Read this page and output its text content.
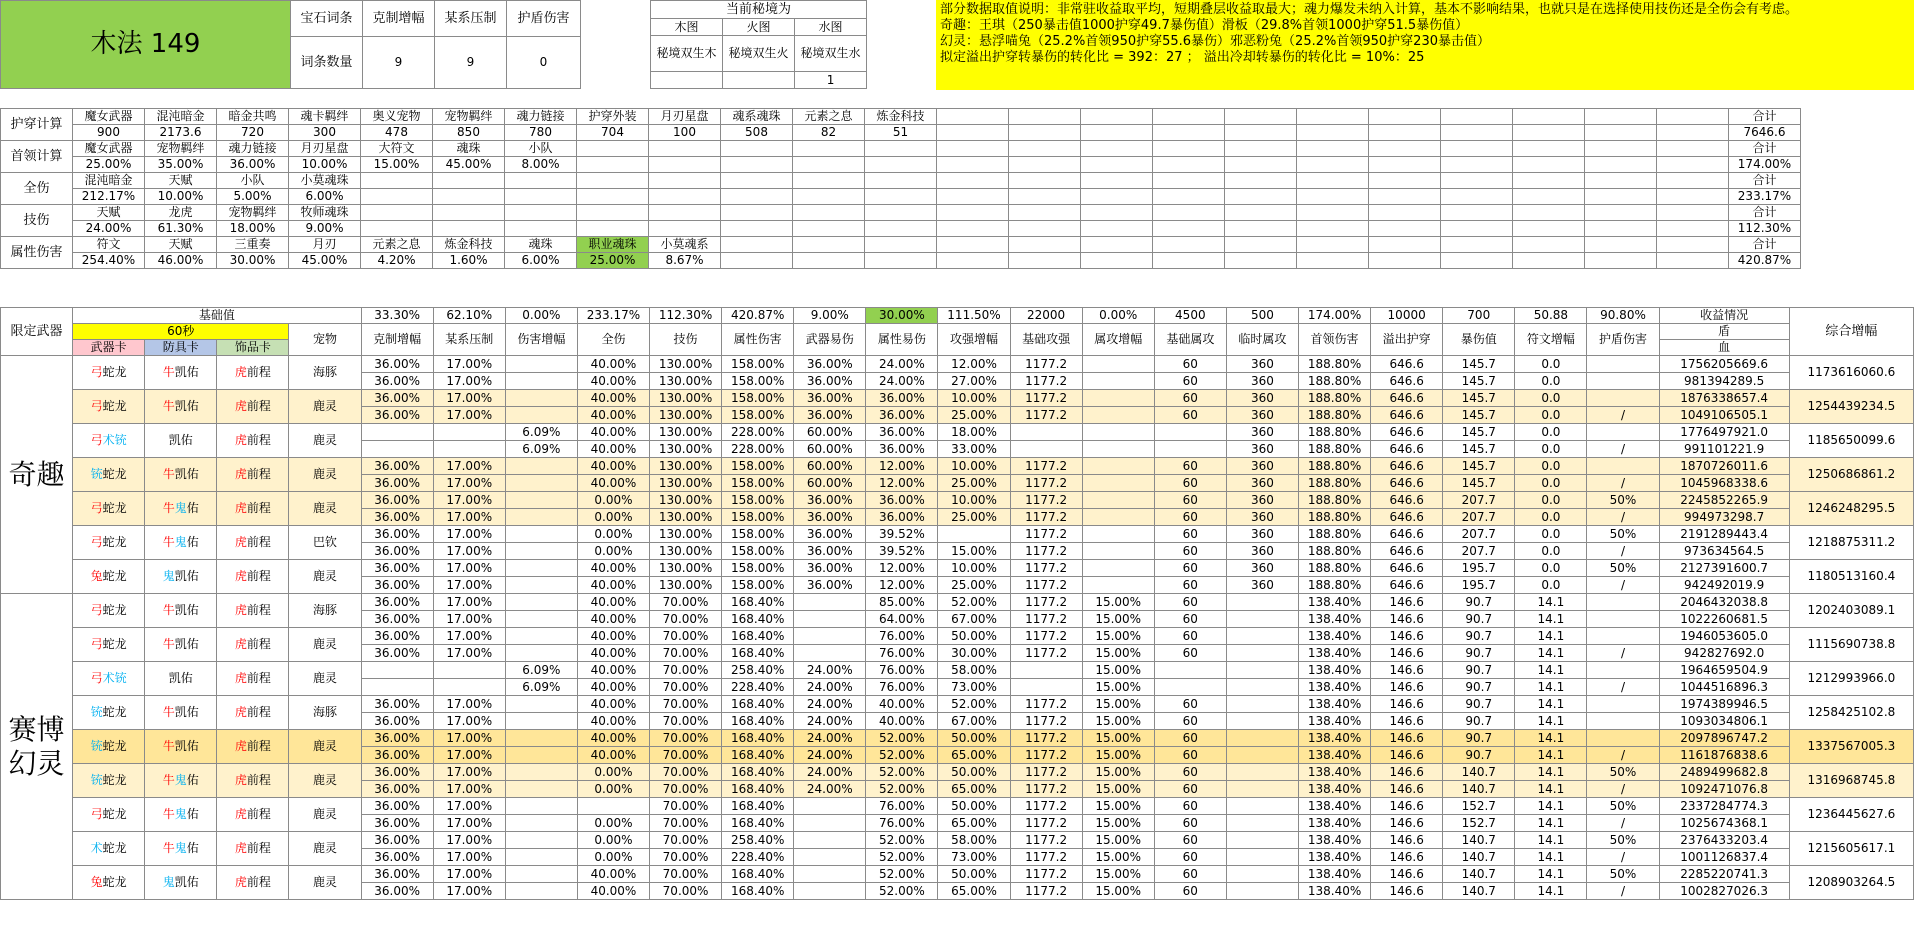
木法 149	宝石词条	克制增幅	某系压制	护盾伤害
	词条数量	9	9	0
当前秘境为		
木图	火图	水图
秘境双生木	秘境双生火	秘境双生水
		1
部分数据取值说明：非常驻收益取平均，短期叠层收益取最大；魂力爆发未纳入计算，基本不影响结果，也就只是在选择使用技伤还是全伤会有考虑。
奇趣：王琪（250暴击值1000护穿49.7暴伤值）滑板（29.8%首领1000护穿51.5暴伤值）
幻灵：悬浮喵兔（25.2%首领950护穿55.6暴伤）邪恶粉兔（25.2%首领950护穿230暴击值）
拟定溢出护穿转暴伤的转化比 = 392：27 ； 溢出冷却转暴伤的转化比 = 10%：25
护穿计算	魔女武器	混沌暗金	暗金共鸣	魂卡羁绊	奥义宠物	宠物羁绊	魂力链接	护穿外装	月刃星盘	魂系魂珠	元素之息	炼金科技												合计
	900	2173.6	720	300	478	850	780	704	100	508	82	51												7646.6
首领计算	魔女武器	宠物羁绊	魂力链接	月刃星盘	大符文	魂珠	小队																	合计
	25.00%	35.00%	36.00%	10.00%	15.00%	45.00%	8.00%																	174.00%
全伤	混沌暗金	天赋	小队	小莫魂珠																				合计
	212.17%	10.00%	5.00%	6.00%																				233.17%
技伤	天赋	龙虎	宠物羁绊	牧师魂珠																				合计
	24.00%	61.30%	18.00%	9.00%																				112.30%
属性伤害	符文	天赋	三重奏	月刃	元素之息	炼金科技	魂珠	职业魂珠	小莫魂系															合计
	254.40%	46.00%	30.00%	45.00%	4.20%	1.60%	6.00%	25.00%	8.67%															420.87%
限定武器	基础值				33.30%	62.10%	0.00%	233.17%	112.30%	420.87%	9.00%	30.00%	111.50%	22000	0.00%	4500	500	174.00%	10000	700	50.88	90.80%	收益情况	综合增幅
	60秒			宠物	克制增幅	某系压制	伤害增幅	全伤	技伤	属性伤害	武器易伤	属性易伤	攻强增幅	基础攻强	属攻增幅	基础属攻	临时属攻	首领伤害	溢出护穿	暴伤值	符文增幅	护盾伤害	盾	
	武器卡	防具卡	饰品卡																				血	
奇趣	弓蛇龙	牛凯佑	虎前程	海豚	36.00%	17.00%		40.00%	130.00%	158.00%	36.00%	24.00%	12.00%	1177.2		60	360	188.80%	646.6	145.7	0.0		1756205669.6	1173616060.6
					36.00%	17.00%		40.00%	130.00%	158.00%	36.00%	24.00%	27.00%	1177.2		60	360	188.80%	646.6	145.7	0.0		981394289.5	
	弓蛇龙	牛凯佑	虎前程	鹿灵	36.00%	17.00%		40.00%	130.00%	158.00%	36.00%	36.00%	10.00%	1177.2		60	360	188.80%	646.6	145.7	0.0		1876338657.4	1254439234.5
					36.00%	17.00%		40.00%	130.00%	158.00%	36.00%	36.00%	25.00%	1177.2		60	360	188.80%	646.6	145.7	0.0	/	1049106505.1	
	弓术铳	凯佑	虎前程	鹿灵			6.09%	40.00%	130.00%	228.00%	60.00%	36.00%	18.00%				360	188.80%	646.6	145.7	0.0		1776497921.0	1185650099.6
							6.09%	40.00%	130.00%	228.00%	60.00%	36.00%	33.00%				360	188.80%	646.6	145.7	0.0	/	991101221.9	
	铳蛇龙	牛凯佑	虎前程	鹿灵	36.00%	17.00%		40.00%	130.00%	158.00%	60.00%	12.00%	10.00%	1177.2		60	360	188.80%	646.6	145.7	0.0		1870726011.6	1250686861.2
					36.00%	17.00%		40.00%	130.00%	158.00%	60.00%	12.00%	25.00%	1177.2		60	360	188.80%	646.6	145.7	0.0	/	1045968338.6	
	弓蛇龙	牛鬼佑	虎前程	鹿灵	36.00%	17.00%		0.00%	130.00%	158.00%	36.00%	36.00%	10.00%	1177.2		60	360	188.80%	646.6	207.7	0.0	50%	2245852265.9	1246248295.5
					36.00%	17.00%		0.00%	130.00%	158.00%	36.00%	36.00%	25.00%	1177.2		60	360	188.80%	646.6	207.7	0.0	/	994973298.7	
	弓蛇龙	牛鬼佑	虎前程	巴钦	36.00%	17.00%		0.00%	130.00%	158.00%	36.00%	39.52%		1177.2		60	360	188.80%	646.6	207.7	0.0	50%	2191289443.4	1218875311.2
					36.00%	17.00%		0.00%	130.00%	158.00%	36.00%	39.52%	15.00%	1177.2		60	360	188.80%	646.6	207.7	0.0	/	973634564.5	
	兔蛇龙	鬼凯佑	虎前程	鹿灵	36.00%	17.00%		40.00%	130.00%	158.00%	36.00%	12.00%	10.00%	1177.2		60	360	188.80%	646.6	195.7	0.0	50%	2127391600.7	1180513160.4
					36.00%	17.00%		40.00%	130.00%	158.00%	36.00%	12.00%	25.00%	1177.2		60	360	188.80%	646.6	195.7	0.0	/	942492019.9	
赛博幻灵	弓蛇龙	牛凯佑	虎前程	海豚	36.00%	17.00%		40.00%	70.00%	168.40%		85.00%	52.00%	1177.2	15.00%	60		138.40%	146.6	90.7	14.1		2046432038.8	1202403089.1
					36.00%	17.00%		40.00%	70.00%	168.40%		64.00%	67.00%	1177.2	15.00%	60		138.40%	146.6	90.7	14.1		1022260681.5	
	弓蛇龙	牛凯佑	虎前程	鹿灵	36.00%	17.00%		40.00%	70.00%	168.40%		76.00%	50.00%	1177.2	15.00%	60		138.40%	146.6	90.7	14.1		1946053605.0	1115690738.8
					36.00%	17.00%		40.00%	70.00%	168.40%		76.00%	30.00%	1177.2	15.00%	60		138.40%	146.6	90.7	14.1	/	942827692.0	
	弓术铳	凯佑	虎前程	鹿灵			6.09%	40.00%	70.00%	258.40%	24.00%	76.00%	58.00%		15.00%			138.40%	146.6	90.7	14.1		1964659504.9	1212993966.0
							6.09%	40.00%	70.00%	228.40%	24.00%	76.00%	73.00%		15.00%			138.40%	146.6	90.7	14.1	/	1044516896.3	
	铳蛇龙	牛凯佑	虎前程	海豚	36.00%	17.00%		40.00%	70.00%	168.40%	24.00%	40.00%	52.00%	1177.2	15.00%	60		138.40%	146.6	90.7	14.1		1974389946.5	1258425102.8
					36.00%	17.00%		40.00%	70.00%	168.40%	24.00%	40.00%	67.00%	1177.2	15.00%	60		138.40%	146.6	90.7	14.1		1093034806.1	
	铳蛇龙	牛凯佑	虎前程	鹿灵	36.00%	17.00%		40.00%	70.00%	168.40%	24.00%	52.00%	50.00%	1177.2	15.00%	60		138.40%	146.6	90.7	14.1		2097896747.2	1337567005.3
					36.00%	17.00%		40.00%	70.00%	168.40%	24.00%	52.00%	65.00%	1177.2	15.00%	60		138.40%	146.6	90.7	14.1	/	1161876838.6	
	铳蛇龙	牛鬼佑	虎前程	鹿灵	36.00%	17.00%		0.00%	70.00%	168.40%	24.00%	52.00%	50.00%	1177.2	15.00%	60		138.40%	146.6	140.7	14.1	50%	2489499682.8	1316968745.8
					36.00%	17.00%		0.00%	70.00%	168.40%	24.00%	52.00%	65.00%	1177.2	15.00%	60		138.40%	146.6	140.7	14.1	/	1092471076.8	
	弓蛇龙	牛鬼佑	虎前程	鹿灵	36.00%	17.00%			70.00%	168.40%		76.00%	50.00%	1177.2	15.00%	60		138.40%	146.6	152.7	14.1	50%	2337284774.3	1236445627.6
					36.00%	17.00%		0.00%	70.00%	168.40%		76.00%	65.00%	1177.2	15.00%	60		138.40%	146.6	152.7	14.1	/	1025674368.1	
	术蛇龙	牛鬼佑	虎前程	鹿灵	36.00%	17.00%		0.00%	70.00%	258.40%		52.00%	58.00%	1177.2	15.00%	60		138.40%	146.6	140.7	14.1	50%	2376433203.4	1215605617.1
					36.00%	17.00%		0.00%	70.00%	228.40%		52.00%	73.00%	1177.2	15.00%	60		138.40%	146.6	140.7	14.1	/	1001126837.4	
	兔蛇龙	鬼凯佑	虎前程	鹿灵	36.00%	17.00%		40.00%	70.00%	168.40%		52.00%	50.00%	1177.2	15.00%	60		138.40%	146.6	140.7	14.1	50%	2285220741.3	1208903264.5
					36.00%	17.00%		40.00%	70.00%	168.40%		52.00%	65.00%	1177.2	15.00%	60		138.40%	146.6	140.7	14.1	/	1002827026.3	
